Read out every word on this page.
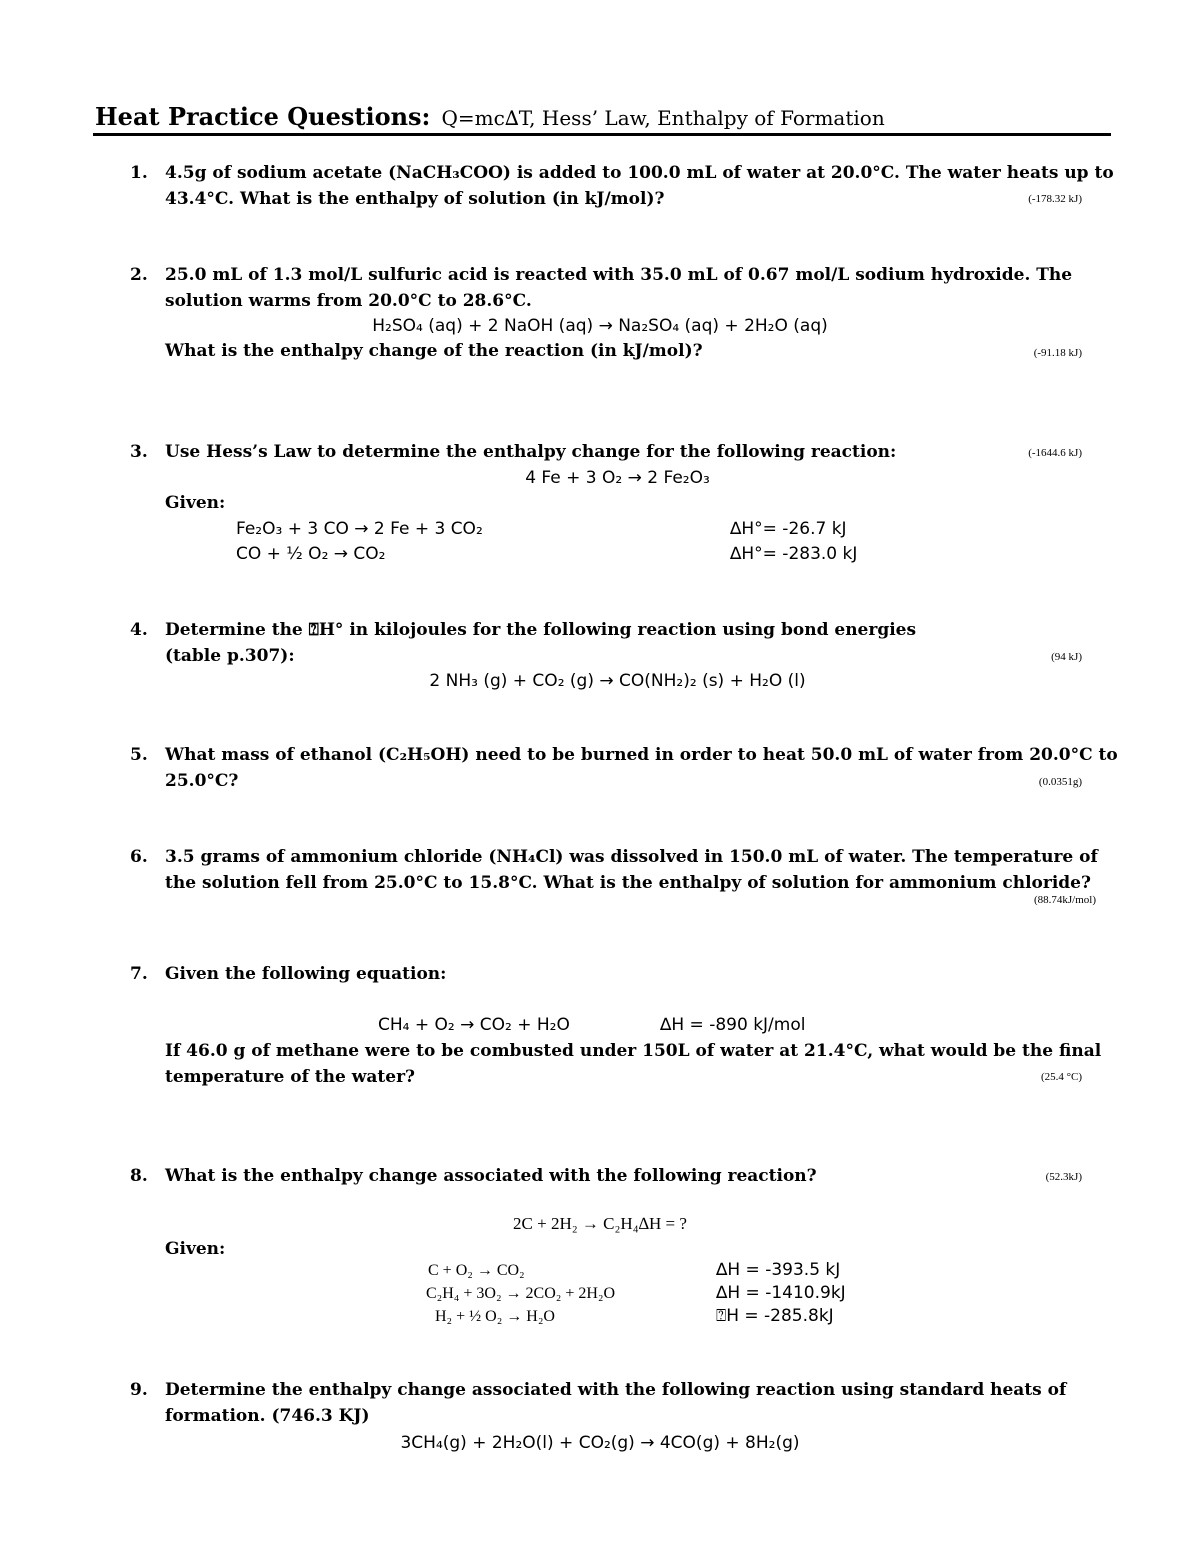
Heat Practice Questions: Q=mc∆T, Hess’ Law, Enthalpy of Formation
1.	4.5g of sodium acetate (NaCH₃COO) is added to 100.0 mL of water at 20.0°C. The water heats up to
43.4°C. What is the enthalpy of solution (in kJ/mol)?	(-178.32 kJ)
2.	25.0 mL of 1.3 mol/L sulfuric acid is reacted with 35.0 mL of 0.67 mol/L sodium hydroxide. The
solution warms from 20.0°C to 28.6°C.
H₂SO₄ (aq) + 2 NaOH (aq) → Na₂SO₄ (aq) + 2H₂O (aq)
What is the enthalpy change of the reaction (in kJ/mol)?	(-91.18 kJ)
3.	Use Hess’s Law to determine the enthalpy change for the following reaction:	(-1644.6 kJ)
4 Fe + 3 O₂ → 2 Fe₂O₃
Given:
Fe₂O₃ + 3 CO → 2 Fe + 3 CO₂	∆H°= -26.7 kJ
CO + ½ O₂ → CO₂	∆H°= -283.0 kJ
4.	Determine the ⍰H° in kilojoules for the following reaction using bond energies
(table p.307):	(94 kJ)
2 NH₃ (g) + CO₂ (g) → CO(NH₂)₂ (s) + H₂O (l)
5.	What mass of ethanol (C₂H₅OH) need to be burned in order to heat 50.0 mL of water from 20.0°C to
25.0°C?	(0.0351g)
6.	3.5 grams of ammonium chloride (NH₄Cl) was dissolved in 150.0 mL of water. The temperature of
the solution fell from 25.0°C to 15.8°C. What is the enthalpy of solution for ammonium chloride?
(88.74kJ/mol)
7.	Given the following equation:
CH₄ + O₂ → CO₂ + H₂O	∆H = -890 kJ/mol
If 46.0 g of methane were to be combusted under 150L of water at 21.4°C, what would be the final
temperature of the water?	(25.4 °C)
8.	What is the enthalpy change associated with the following reaction?	(52.3kJ)
2C + 2H₂ → C₂H₄∆H = ?
Given:
C + O₂ → CO₂	∆H = -393.5 kJ
C₂H₄ + 3O₂ → 2CO₂ + 2H₂O	∆H = -1410.9kJ
H₂ + ½ O₂ → H₂O	⍰H = -285.8kJ
9.	Determine the enthalpy change associated with the following reaction using standard heats of
formation. (746.3 KJ)
3CH₄(g) + 2H₂O(l) + CO₂(g) → 4CO(g) + 8H₂(g)
